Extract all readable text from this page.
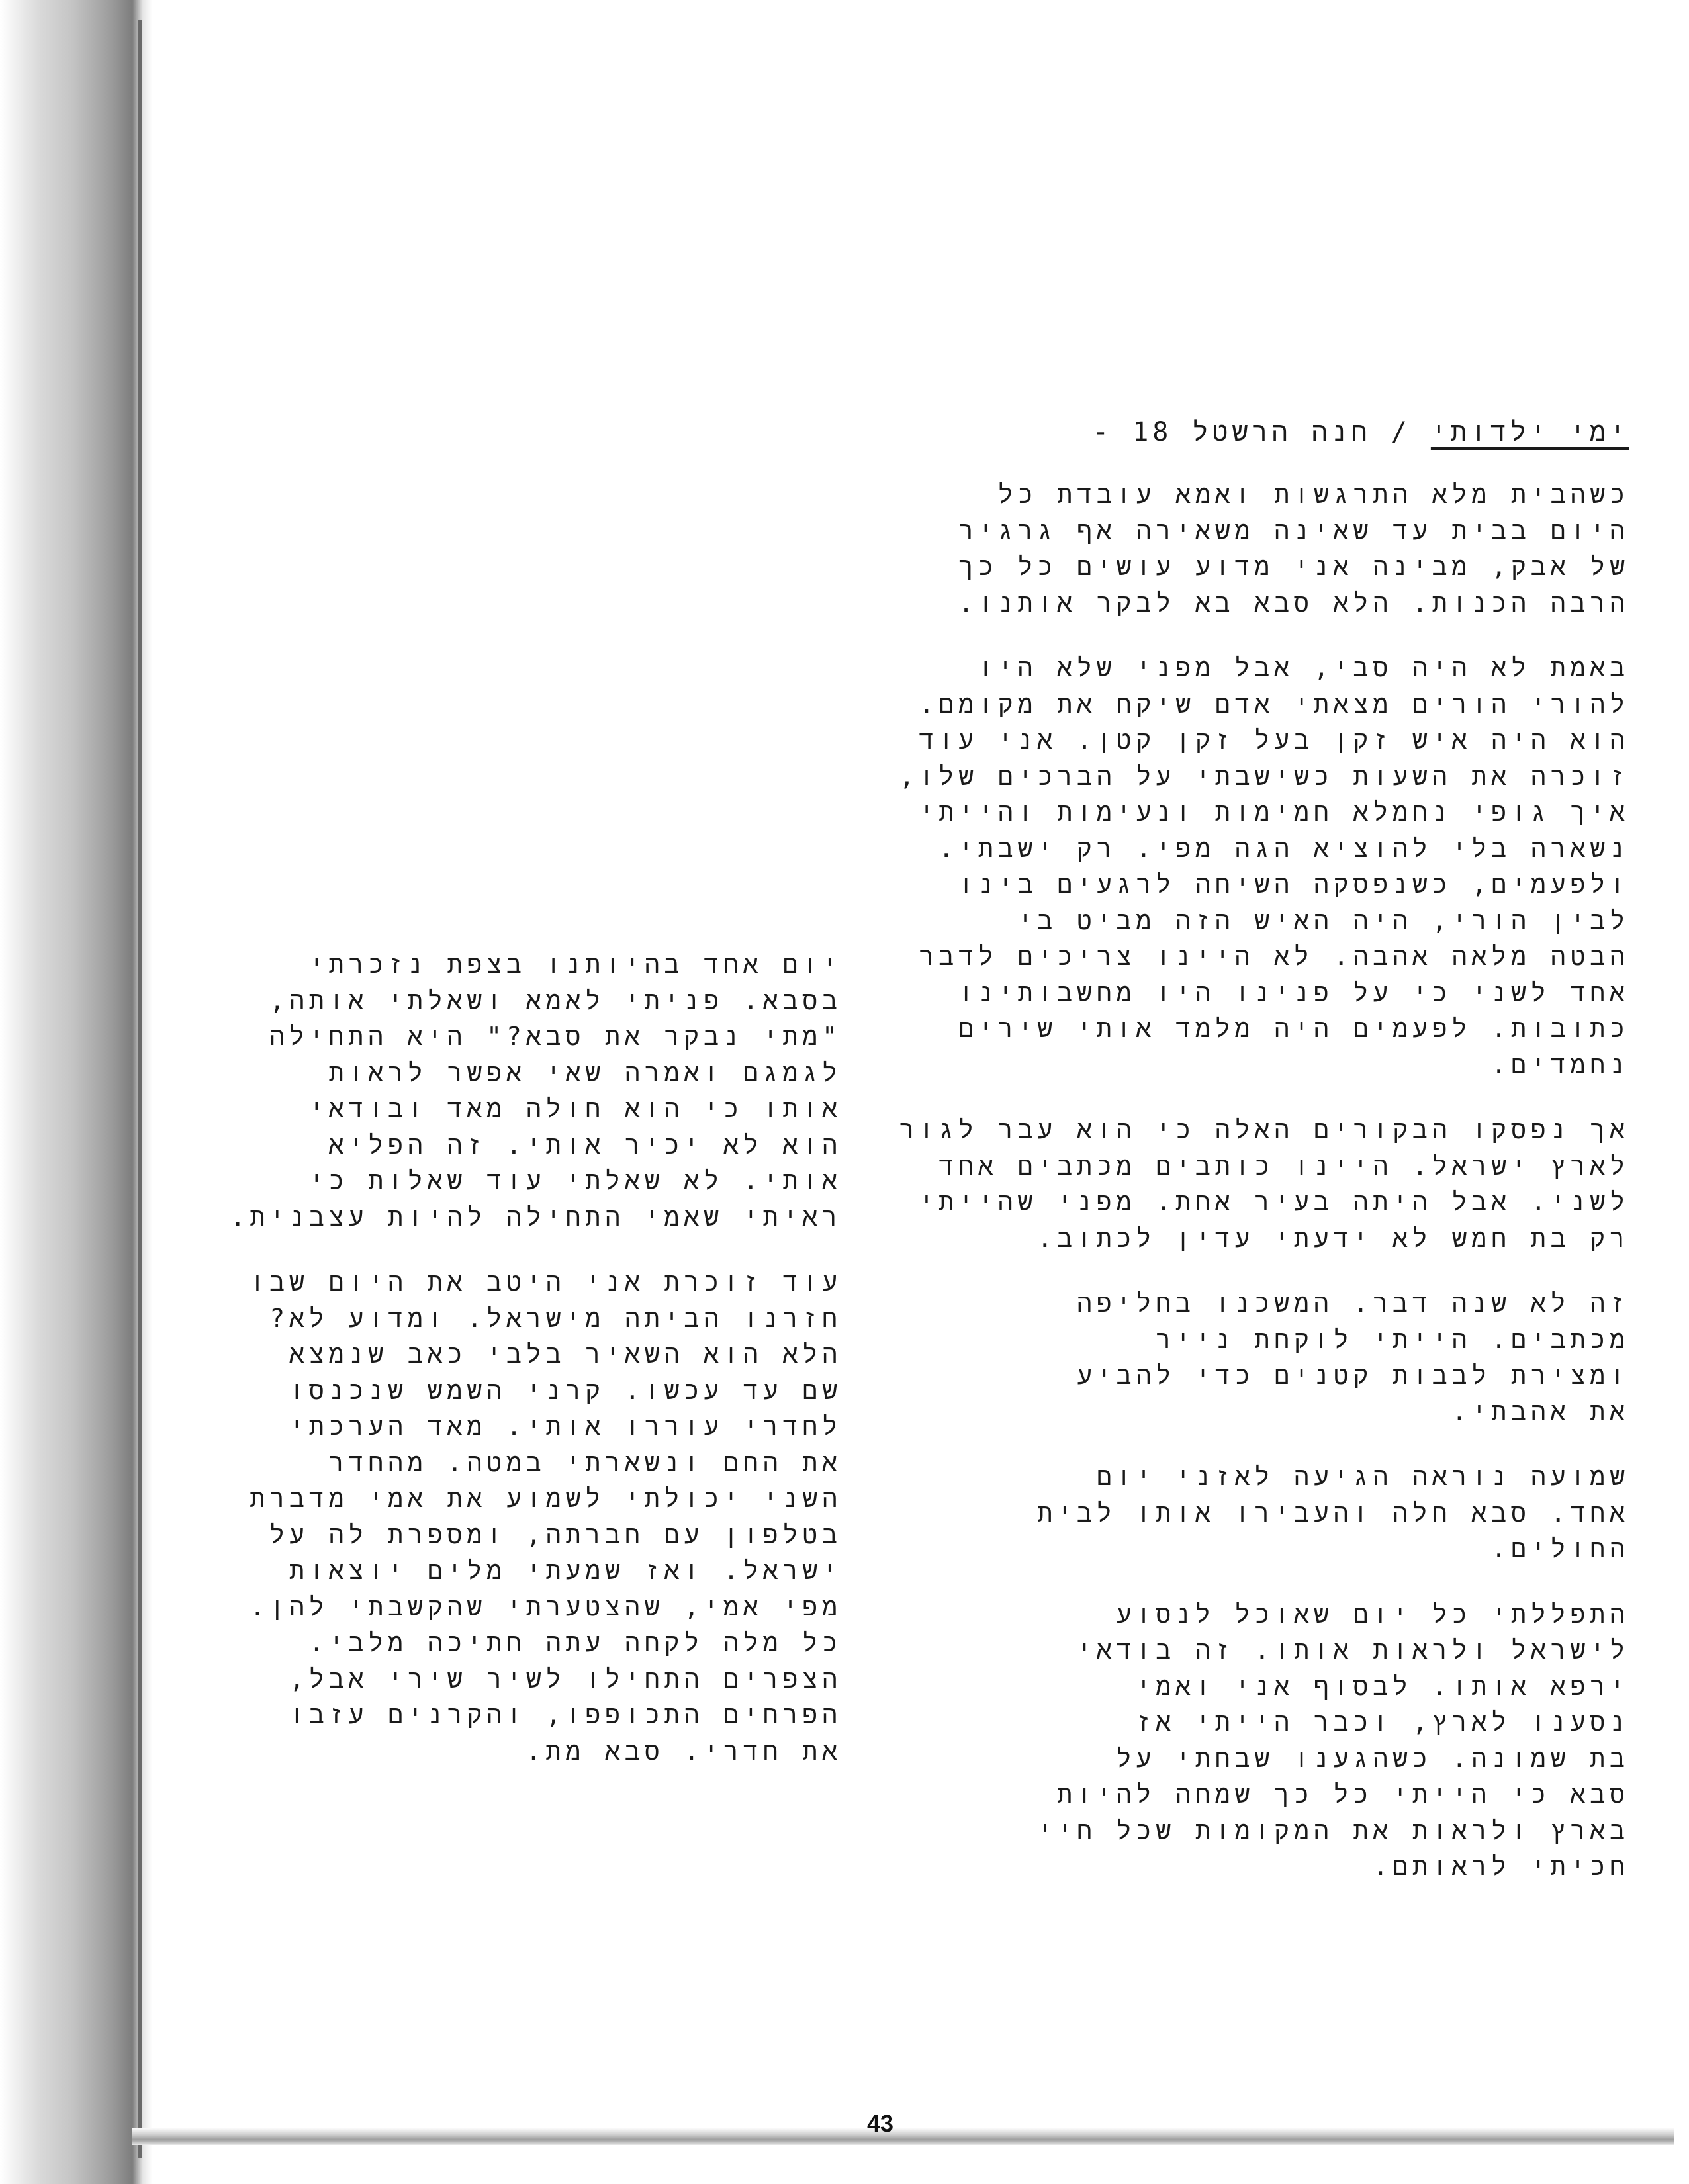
ימי ילדותי / חנה הרשטל 18 -
כשהבית מלא התרגשות ואמא עובדת כל
היום בבית עד שאינה משאירה אף גרגיר
של אבק, מבינה אני מדוע עושים כל כך
הרבה הכנות. הלא סבא בא לבקר אותנו.
באמת לא היה סבי, אבל מפני שלא היו
להורי הורים מצאתי אדם שיקח את מקומם.
הוא היה איש זקן בעל זקן קטן. אני עוד
זוכרה את השעות כשישבתי על הברכים שלו,
איך גופי נחמלא חמימות ונעימות והייתי
נשארה בלי להוציא הגה מפי. רק ישבתי.
ולפעמים, כשנפסקה השיחה לרגעים בינו
לבין הורי, היה האיש הזה מביט בי
הבטה מלאה אהבה. לא היינו צריכים לדבר
אחד לשני כי על פנינו היו מחשבותינו
כתובות. לפעמים היה מלמד אותי שירים
נחמדים.
אך נפסקו הבקורים האלה כי הוא עבר לגור
לארץ ישראל. היינו כותבים מכתבים אחד
לשני. אבל היתה בעיר אחת. מפני שהייתי
רק בת חמש לא ידעתי עדין לכתוב.
זה לא שנה דבר. המשכנו בחליפה
מכתבים. הייתי לוקחת נייר
ומצירת לבבות קטנים כדי להביע
את אהבתי.
שמועה נוראה הגיעה לאזני יום
אחד. סבא חלה והעבירו אותו לבית
החולים.
התפללתי כל יום שאוכל לנסוע
לישראל ולראות אותו. זה בודאי
ירפא אותו. לבסוף אני ואמי
נסענו לארץ, וכבר הייתי אז
בת שמונה. כשהגענו שבחתי על
סבא כי הייתי כל כך שמחה להיות
בארץ ולראות את המקומות שכל חיי
חכיתי לראותם.
יום אחד בהיותנו בצפת נזכרתי
בסבא. פניתי לאמא ושאלתי אותה,
"מתי נבקר את סבא?" היא התחילה
לגמגם ואמרה שאי אפשר לראות
אותו כי הוא חולה מאד ובודאי
הוא לא יכיר אותי. זה הפליא
אותי. לא שאלתי עוד שאלות כי
ראיתי שאמי התחילה להיות עצבנית.
עוד זוכרת אני היטב את היום שבו
חזרנו הביתה מישראל. ומדוע לא?
הלא הוא השאיר בלבי כאב שנמצא
שם עד עכשו. קרני השמש שנכנסו
לחדרי עוררו אותי. מאד הערכתי
את החם ונשארתי במטה. מהחדר
השני יכולתי לשמוע את אמי מדברת
בטלפון עם חברתה, ומספרת לה על
ישראל. ואז שמעתי מלים יוצאות
מפי אמי, שהצטערתי שהקשבתי להן.
כל מלה לקחה עתה חתיכה מלבי.
הצפרים התחילו לשיר שירי אבל,
הפרחים התכופפו, והקרנים עזבו
את חדרי. סבא מת.
43
